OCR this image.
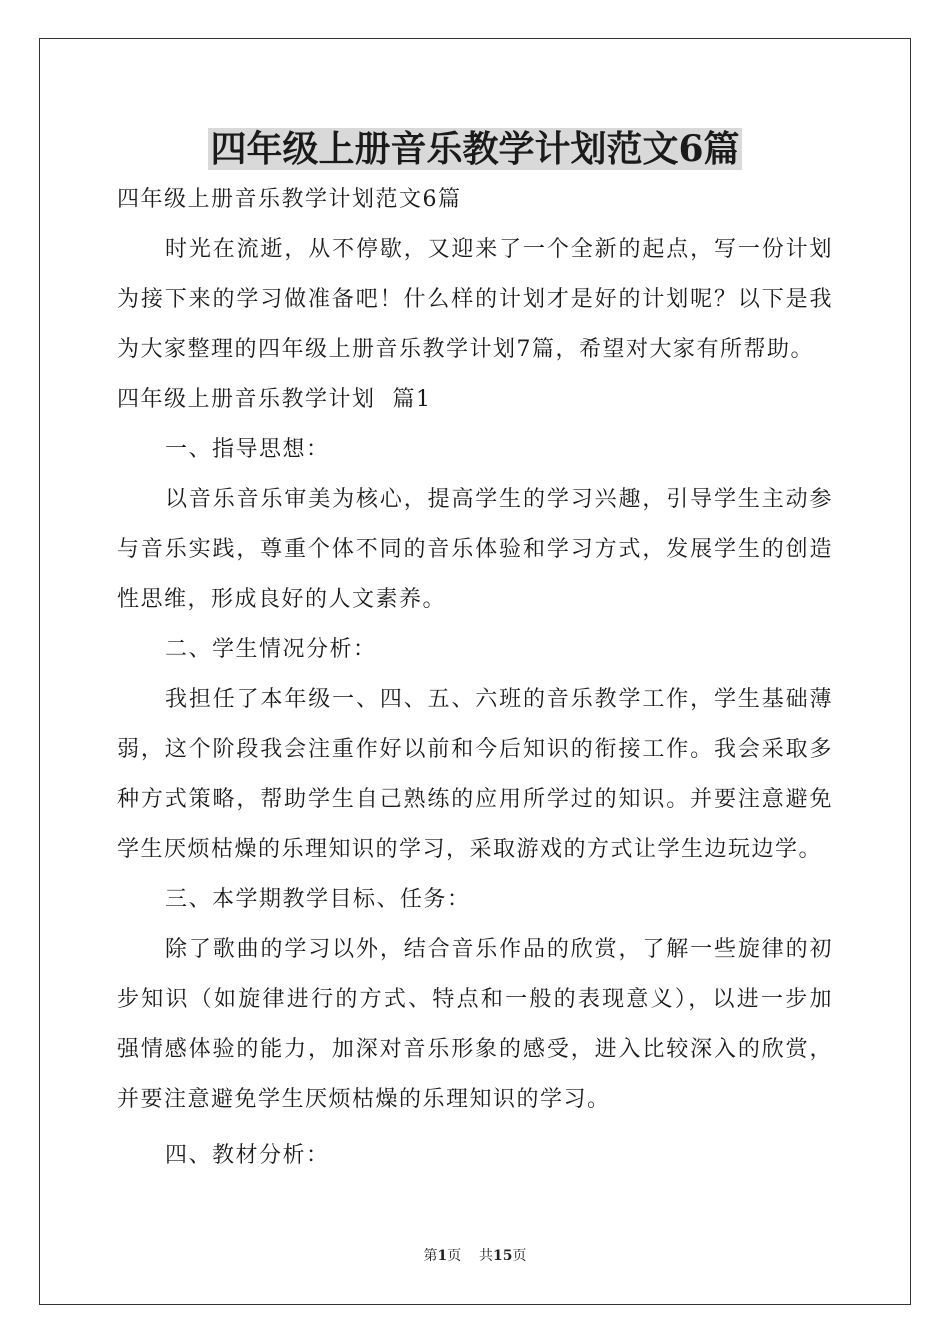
四年级上册音乐教学计划范文6篇
四年级上册音乐教学计划范文6篇

时光在流逝，从不停歇，又迎来了一个全新的起点，写一份计划为接下来的学习做准备吧！什么样的计划才是好的计划呢？以下是我为大家整理的四年级上册音乐教学计划7篇，希望对大家有所帮助。

四年级上册音乐教学计划  篇1

一、指导思想：

以音乐音乐审美为核心，提高学生的学习兴趣，引导学生主动参与音乐实践，尊重个体不同的音乐体验和学习方式，发展学生的创造性思维，形成良好的人文素养。

二、学生情况分析：

我担任了本年级一、四、五、六班的音乐教学工作，学生基础薄弱，这个阶段我会注重作好以前和今后知识的衔接工作。我会采取多种方式策略，帮助学生自己熟练的应用所学过的知识。并要注意避免学生厌烦枯燥的乐理知识的学习，采取游戏的方式让学生边玩边学。

三、本学期教学目标、任务：

除了歌曲的学习以外，结合音乐作品的欣赏，了解一些旋律的初步知识（如旋律进行的方式、特点和一般的表现意义），以进一步加强情感体验的能力，加深对音乐形象的感受，进入比较深入的欣赏，并要注意避免学生厌烦枯燥的乐理知识的学习。

四、教材分析：

第1页 共15页
